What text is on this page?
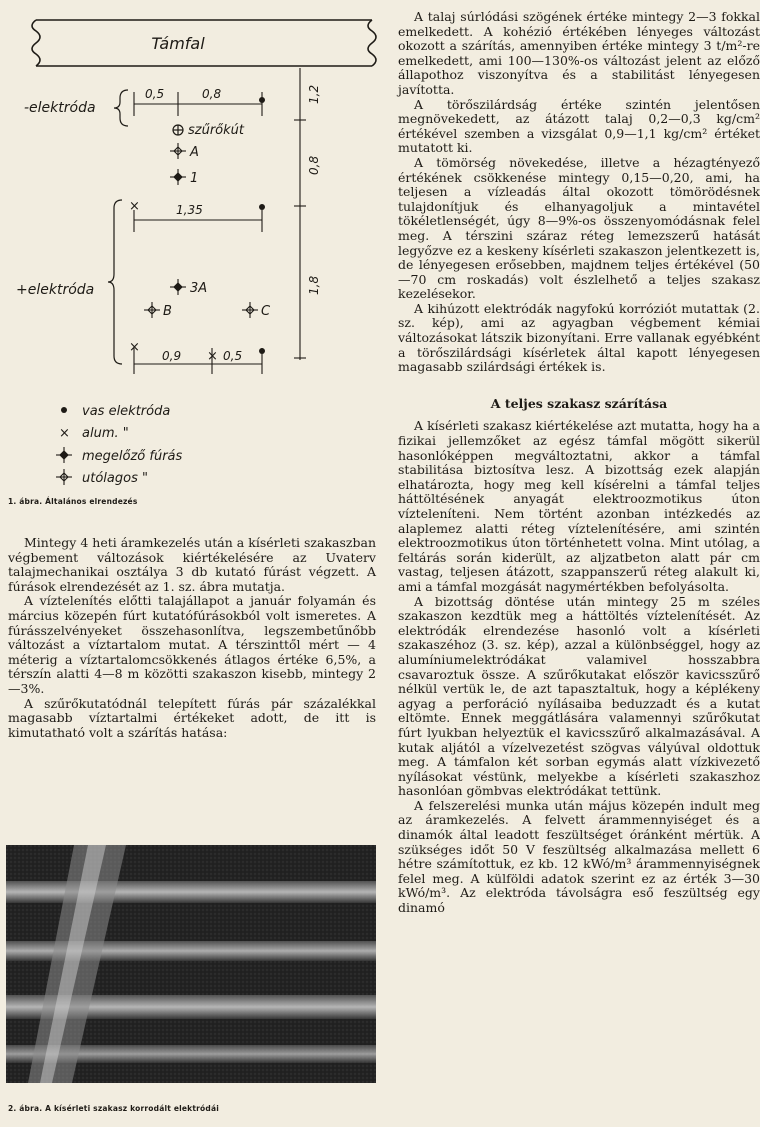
Támfal
-elektróda
+elektróda
0,5	0,8	1,2
0,8
1,8
szűrőkút
A
1
×	1,35
3A
B	C
×
×
0,9	0,5
vas elektróda
× alum. "
megelőző fúrás
utólagos "
1. ábra. Általános elrendezés

Mintegy 4 heti áramkezelés után a kísérleti szakaszban végbement változások kiértékelésére az Uvaterv talajmechanikai osztálya 3 db kutató fúrást végzett. A fúrások elrendezését az 1. sz. ábra mutatja.

A víztelenítés előtti talajállapot a január folyamán és március közepén fúrt kutatófúrásokból volt ismeretes. A fúrásszelvényeket összehasonlítva, legszembetűnőbb változást a víztartalom mutat. A térszinttől mért — 4 méterig a víztartalomcsökkenés átlagos értéke 6,5%, a térszín alatti 4—8 m közötti szakaszon kisebb, mintegy 2—3%.

A szűrőkutatódnál telepített fúrás pár százalékkal magasabb víztartalmi értékeket adott, de itt is kimutatható volt a szárítás hatása:

2. ábra. A kísérleti szakasz korrodált elektródái

A talaj súrlódási szögének értéke mintegy 2—3 fokkal emelkedett. A kohézió értékében lényeges változást okozott a szárítás, amennyiben értéke mintegy 3 t/m²-re emelkedett, ami 100—130%-os változást jelent az előző állapothoz viszonyítva és a stabilitást lényegesen javította.

A törőszilárdság értéke szintén jelentősen megnövekedett, az átázott talaj 0,2—0,3 kg/cm² értékével szemben a vizsgálat 0,9—1,1 kg/cm² értéket mutatott ki.

A tömörség növekedése, illetve a hézagtényező értékének csökkenése mintegy 0,15—0,20, ami, ha teljesen a vízleadás által okozott tömörödésnek tulajdonítjuk és elhanyagoljuk a mintavétel tökéletlenségét, úgy 8—9%-os összenyomódásnak felel meg. A térszini száraz réteg lemezszerű hatását legyőzve ez a keskeny kísérleti szakaszon jelentkezett is, de lényegesen erősebben, majdnem teljes értékével (50—70 cm roskadás) volt észlelhető a teljes szakasz kezelésekor.

A kihúzott elektródák nagyfokú korróziót mutattak (2. sz. kép), ami az agyagban végbement kémiai változásokat látszik bizonyítani. Erre vallanak egyébként a törőszilárdsági kísérletek által kapott lényegesen magasabb szilárdsági értékek is.

A teljes szakasz szárítása

A kísérleti szakasz kiértékelése azt mutatta, hogy ha a fizikai jellemzőket az egész támfal mögött sikerül hasonlóképpen megváltoztatni, akkor a támfal stabilitása biztosítva lesz. A bizottság ezek alapján elhatározta, hogy meg kell kísérelni a támfal teljes háttöltésének anyagát elektroozmotikus úton vízteleníteni. Nem történt azonban intézkedés az alaplemez alatti réteg víztelenítésére, ami szintén elektroozmotikus úton történhetett volna. Mint utólag, a feltárás során kiderült, az aljzatbeton alatt pár cm vastag, teljesen átázott, szappanszerű réteg alakult ki, ami a támfal mozgását nagymértékben befolyásolta.

A bizottság döntése után mintegy 25 m széles szakaszon kezdtük meg a háttöltés víztelenítését. Az elektródák elrendezése hasonló volt a kísérleti szakaszéhoz (3. sz. kép), azzal a különbséggel, hogy az alumíniumelektródákat valamivel hosszabbra csavaroztuk össze. A szűrőkutakat először kavicsszűrő nélkül vertük le, de azt tapasztaltuk, hogy a képlékeny agyag a perforáció nyílásaiba beduzzadt és a kutat eltömte. Ennek meggátlására valamennyi szűrőkutat fúrt lyukban helyeztük el kavicsszűrő alkalmazásával. A kutak aljától a vízelvezetést szögvas vályúval oldottuk meg. A támfalon két sorban egymás alatt vízkivezető nyílásokat véstünk, melyekbe a kísérleti szakaszhoz hasonlóan gömbvas elektródákat tettünk.

A felszerelési munka után május közepén indult meg az áramkezelés. A felvett árammennyiséget és a dinamók által leadott feszültséget óránként mértük. A szükséges időt 50 V feszültség alkalmazása mellett 6 hétre számítottuk, ez kb. 12 kWó/m³ árammennyiségnek felel meg. A külföldi adatok szerint ez az érték 3—30 kWó/m³. Az elektróda távolságra eső feszültség egy dinamó
